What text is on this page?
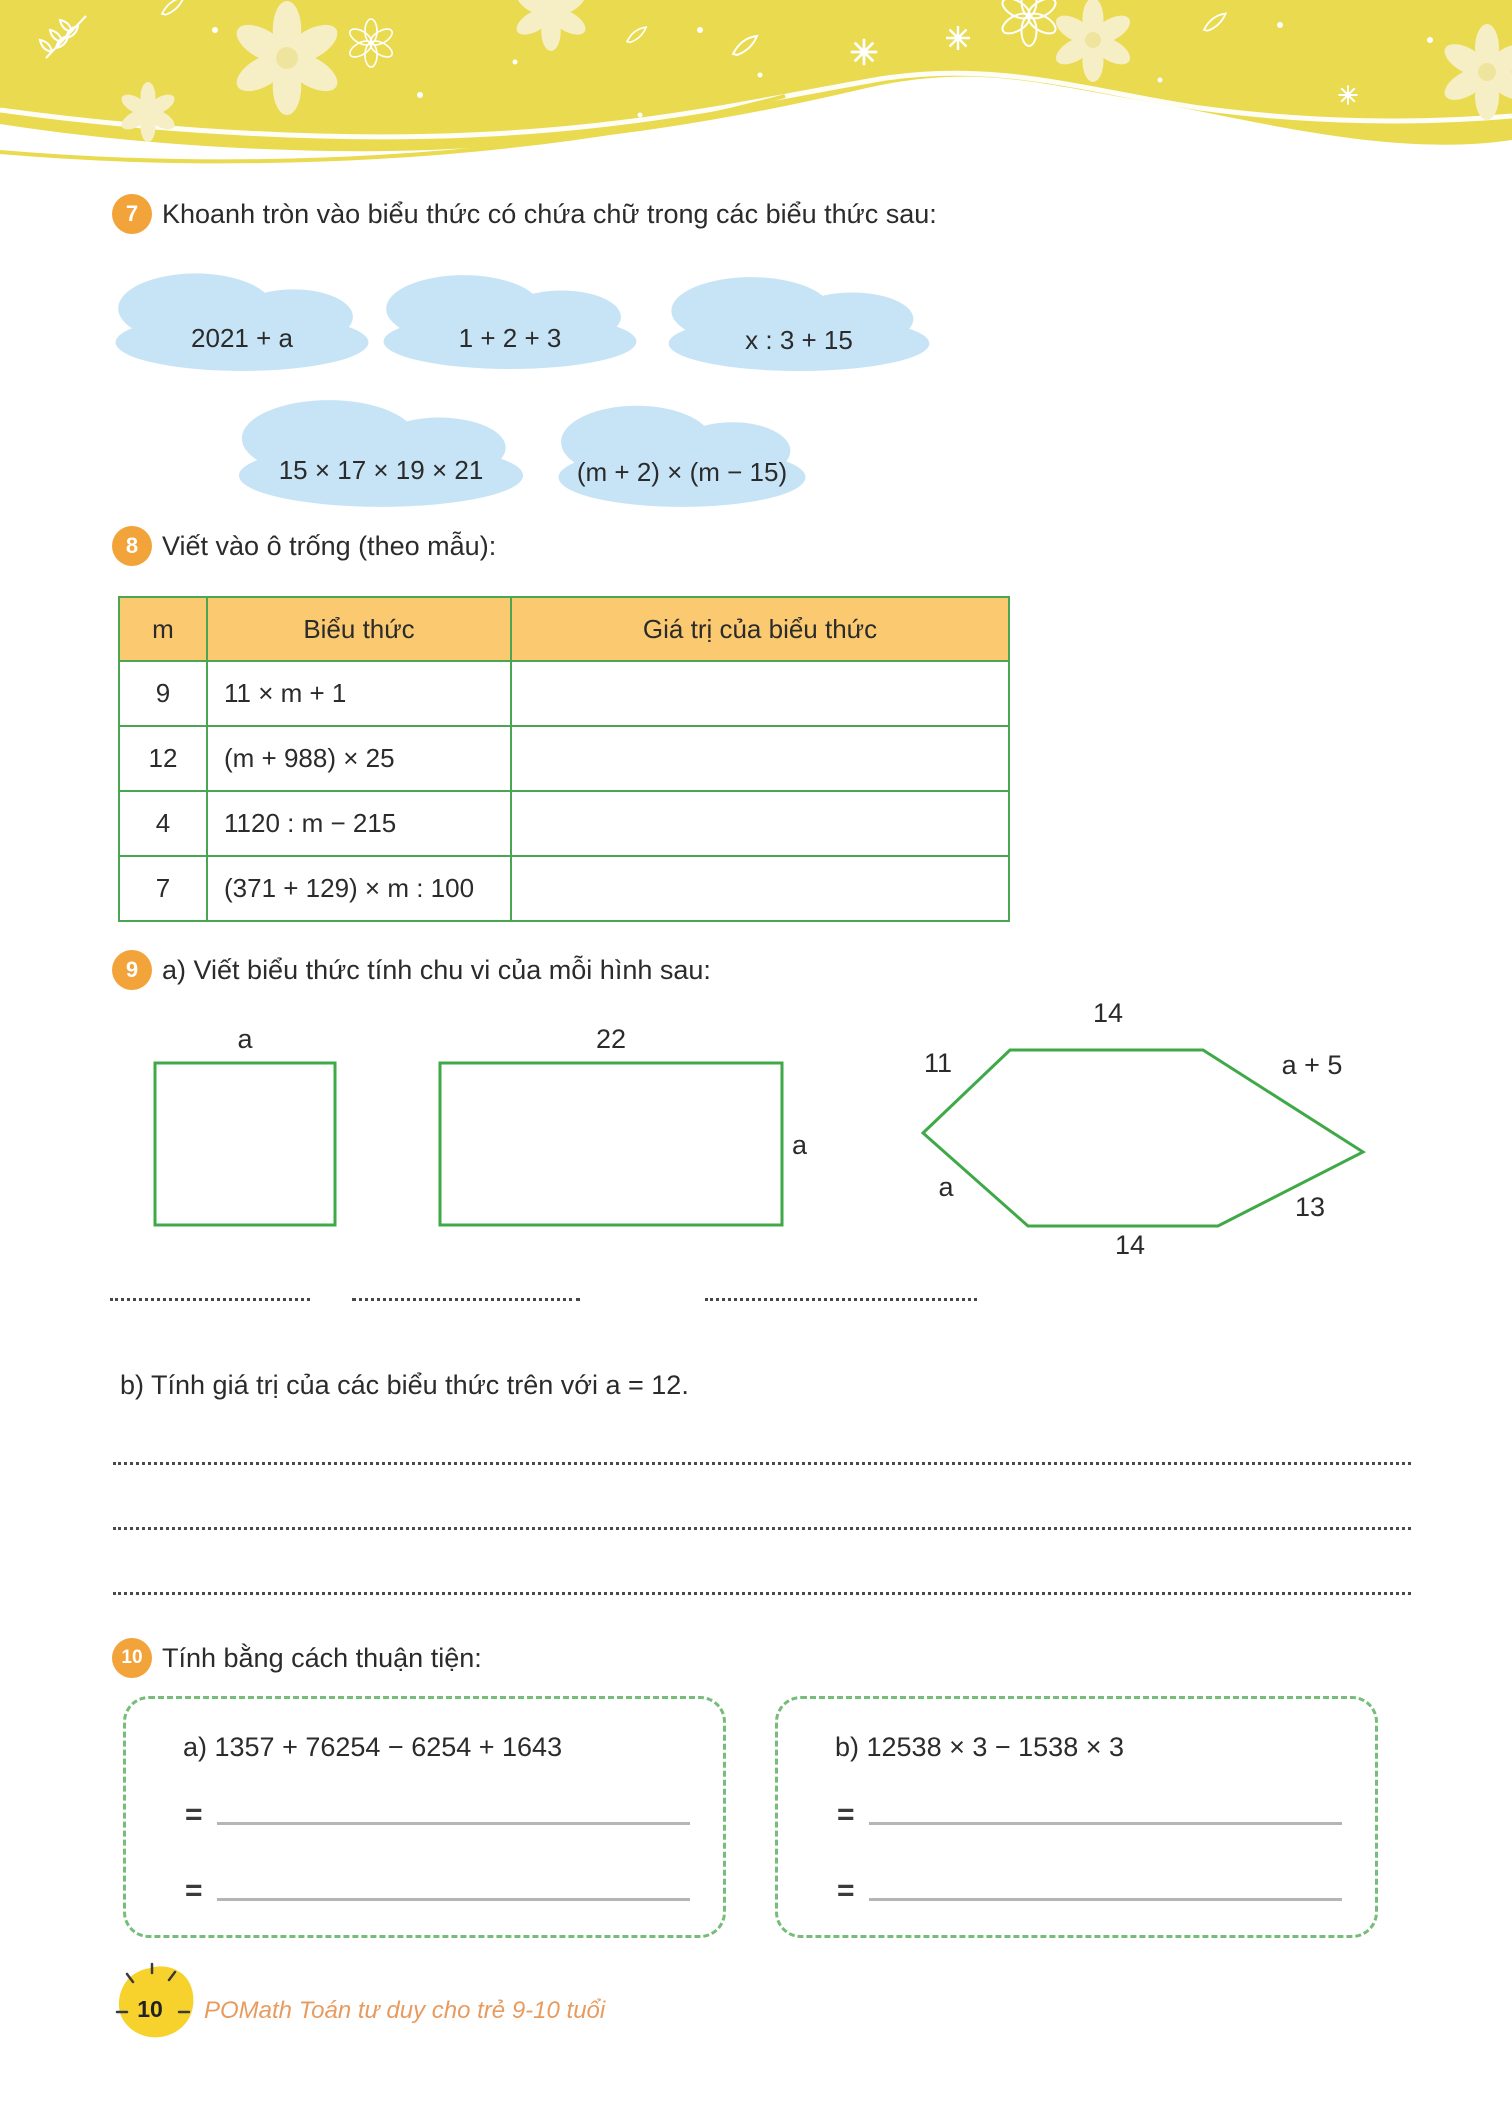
7 Khoanh tròn vào biểu thức có chứa chữ trong các biểu thức sau:
2021 + a	1 + 2 + 3	x : 3 + 15
15 × 17 × 19 × 21	(m + 2) × (m − 15)
8 Viết vào ô trống (theo mẫu):
m	Biểu thức	Giá trị của biểu thức
9	11 × m + 1	
12	(m + 988) × 25	
4	1120 : m − 215	
7	(371 + 129) × m : 100	
9 a) Viết biểu thức tính chu vi của mỗi hình sau:
a	22
a
14
11	a + 5
a
13
14
b) Tính giá trị của các biểu thức trên với a = 12.
10 Tính bằng cách thuận tiện:
a) 1357 + 76254 − 6254 + 1643
=
=
b) 12538 × 3 − 1538 × 3
=
=
10	POMath Toán tư duy cho trẻ 9-10 tuổi
